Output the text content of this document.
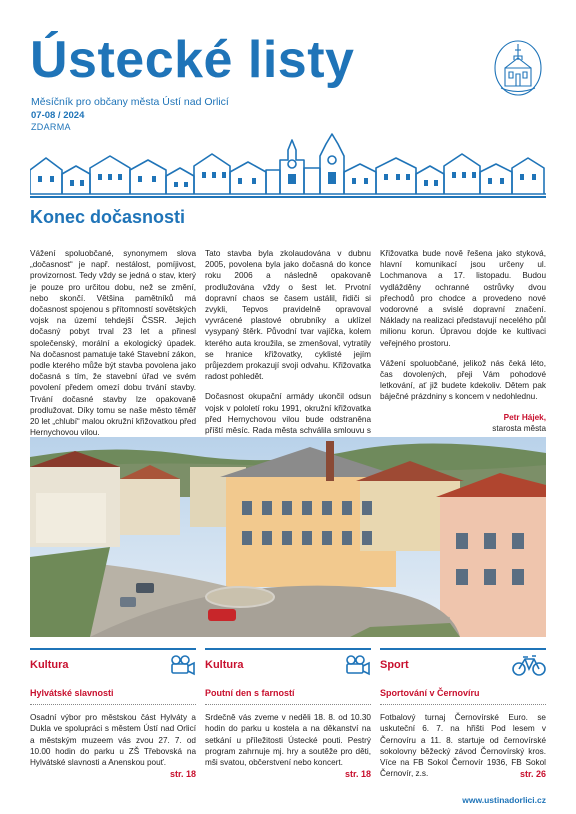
Ústecké listy
Měsíčník pro občany města Ústí nad Orlicí
07-08 / 2024
ZDARMA
Konec dočasnosti

Vážení spoluobčané, synonymem slova „dočasnost“ je např. nestálost, pomíjivost, provizornost. Tedy vždy se jedná o stav, který je pouze pro určitou dobu, než se změní, nebo skončí. Většina pamětníků má dočasnost spojenou s přítomností sovětských vojsk na území tehdejší ČSSR. Jejich dočasný pobyt trval 23 let a přinesl společenský, morální a ekologický úpadek. Na dočasnost pamatuje také Stavební zákon, podle kterého může být stavba povolena jako dočasná s tím, že stavební úřad ve svém povolení předem omezí dobu trvání stavby. Trvání dočasné stavby lze opakovaně prodlužovat. Díky tomu se naše město těměř 20 let „chlubí“ malou okružní křižovatkou před Hernychovou vilou.

Tato stavba byla zkolaudována v dubnu 2005, povolena byla jako dočasná do konce roku 2006 a následně opakovaně prodlužována vždy o šest let. Prvotní dopravní chaos se časem ustálil, řidiči si zvykli, Tepvos pravidelně opravoval vyvrácené plastové obrubníky a uklízel vysypaný štěrk. Původní tvar vajíčka, kolem kterého auta kroužila, se zmenšoval, vytratily se hranice křižovatky, cyklisté jejím průjezdem prokazují svoji odvahu. Křižovatka radost pohledět.

Dočasnost okupační armády ukončil odsun vojsk v pololetí roku 1991, okružní křižovatka před Hernychovou vilou bude odstraněna příští měsíc. Rada města schválila smlouvu s

Křižovatka bude nově řešena jako styková, hlavní komunikací jsou určeny ul. Lochmanova a 17. listopadu. Budou vydlážděny ochranné ostrůvky dvou přechodů pro chodce a provedeno nové vodorovné a svislé dopravní značení. Náklady na realizaci představují necelého půl milionu korun. Úpravou dojde ke kultivaci veřejného prostoru.

Vážení spoluobčané, jelikož nás čeká léto, čas dovolených, přeji Vám pohodové letkování, ať již budete kdekoliv. Dětem pak báječné prázdniny s koncem v nedohlednu.

Petr Hájek,
starosta města
Kultura
Hylvátské slavnosti
Osadní výbor pro městskou část Hylváty a Dukla ve spolupráci s městem Ústí nad Orlicí a městským muzeem vás zvou 27. 7. od 10.00 hodin do parku u ZŠ Třebovská na Hylvátské slavnosti a Anenskou pouť.
str. 18
Kultura
Poutní den s farností
Srdečně vás zveme v neděli 18. 8. od 10.30 hodin do parku u kostela a na děkanství na setkání u příležitosti Ústecké pouti. Pestrý program zahrnuje mj. hry a soutěže pro děti, mši svatou, občerstvení nebo koncert.
str. 18
Sport
Sportování v Černovíru
Fotbalový turnaj Černovírské Euro. se uskuteční 6. 7. na hřišti Pod lesem v Černovíru a 11. 8. startuje od černovírské sokolovny běžecký závod Černovírský kros. Více na FB Sokol Černovír 1936, FB Sokol Černovír, z.s.	str. 26
www.ustinadorlici.cz
